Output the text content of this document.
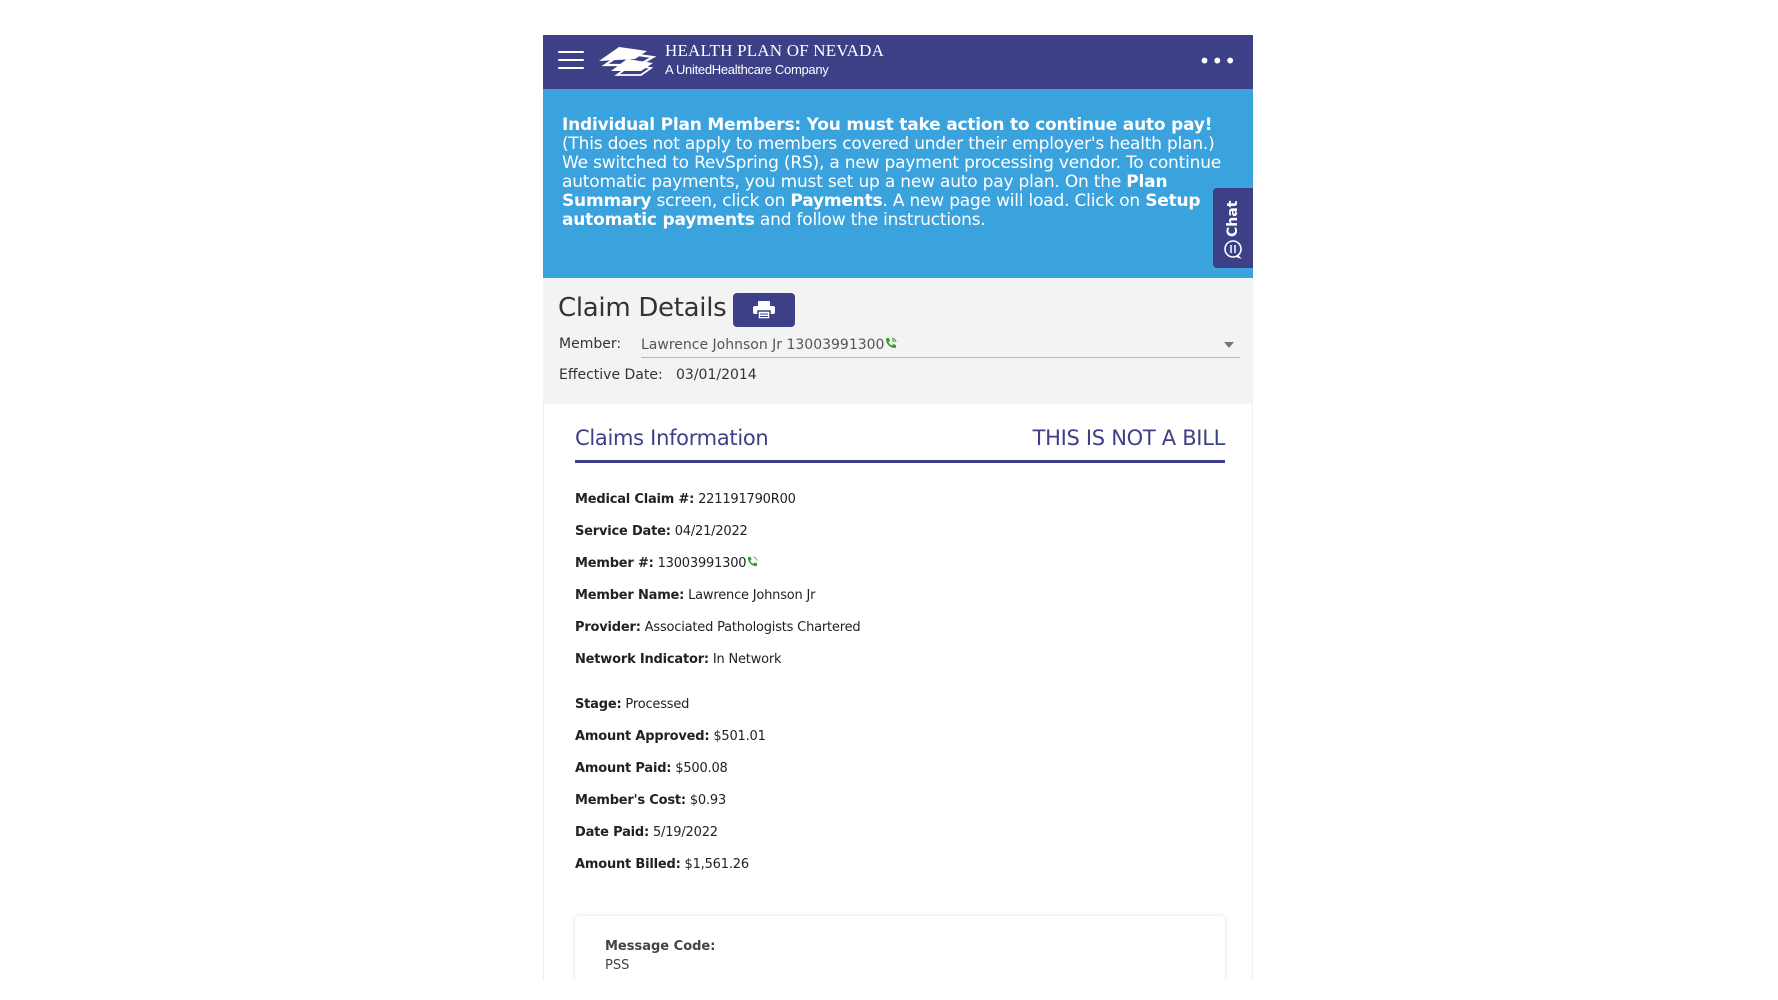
HEALTH PLAN OF NEVADA
A UnitedHealthcare Company	•••

Individual Plan Members: You must take action to continue auto pay! (This does not apply to members covered under their employer's health plan.)

We switched to RevSpring (RS), a new payment processing vendor. To continue automatic payments, you must set up a new auto pay plan. On the Plan Summary screen, click on Payments. A new page will load. Click on Setup automatic payments and follow the instructions.	Chat
Claim Details
Member: Lawrence Johnson Jr 13003991300
Effective Date: 03/01/2014
Claims Information	THIS IS NOT A BILL
Medical Claim #: 221191790R00
Service Date: 04/21/2022
Member #: 13003991300
Member Name: Lawrence Johnson Jr
Provider: Associated Pathologists Chartered
Network Indicator: In Network
Stage: Processed
Amount Approved: $501.01
Amount Paid: $500.08
Member's Cost: $0.93
Date Paid: 5/19/2022
Amount Billed: $1,561.26
Message Code:
PSS
